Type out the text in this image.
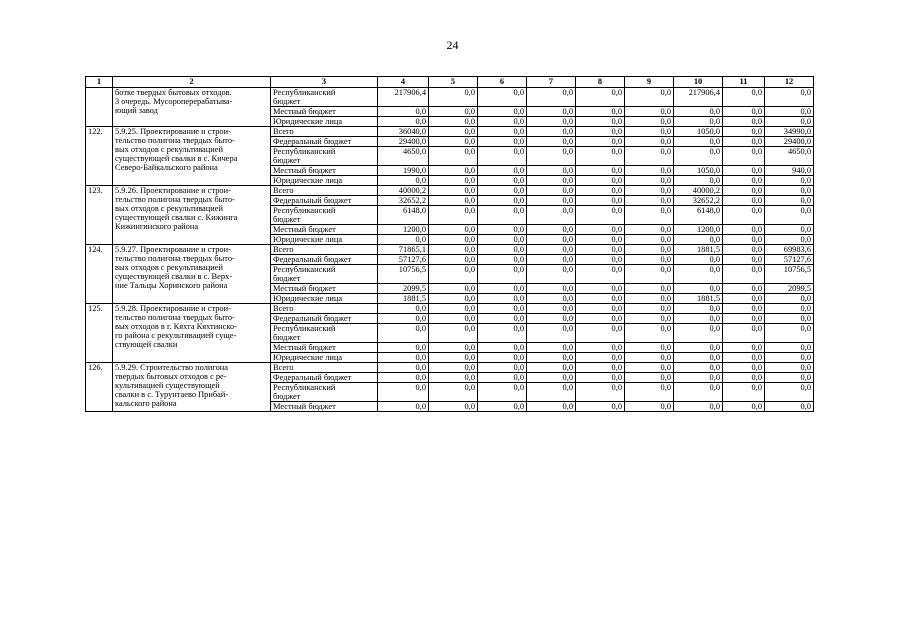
24
1	2	3	4	5	6	7	8	9	10	11	12

	ботке твердых бытовых отходов.
3 очередь. Мусороперерабатыва-
ющий завод	Республиканский
бюджет	217906,4	0,0	0,0	0,0	0,0	0,0	217906,4	0,0	0,0

		Местный бюджет	0,0	0,0	0,0	0,0	0,0	0,0	0,0	0,0	0,0

		Юридические лица	0,0	0,0	0,0	0,0	0,0	0,0	0,0	0,0	0,0
122.	5.9.25. Проектирование и строи-
тельство полигона твердых быто-
вых отходов с рекультивацией
существующей свалки в с. Кичера
Северо-Байкальского района	Всего	36040,0	0,0	0,0	0,0	0,0	0,0	1050,0	0,0	34990,0

		Федеральный бюджет	29400,0	0,0	0,0	0,0	0,0	0,0	0,0	0,0	29400,0

		Республиканский
бюджет	4650,0	0,0	0,0	0,0	0,0	0,0	0,0	0,0	4650,0

		Местный бюджет	1990,0	0,0	0,0	0,0	0,0	0,0	1050,0	0,0	940,0

		Юридические лица	0,0	0,0	0,0	0,0	0,0	0,0	0,0	0,0	0,0
123.	5.9.26. Проектирование и строи-
тельство полигона твердых быто-
вых отходов с рекультивацией
существующей свалки с. Кижинга
Кижингинского района	Всего	40000,2	0,0	0,0	0,0	0,0	0,0	40000,2	0,0	0,0

		Федеральный бюджет	32652,2	0,0	0,0	0,0	0,0	0,0	32652,2	0,0	0,0

		Республиканский
бюджет	6148,0	0,0	0,0	0,0	0,0	0,0	6148,0	0,0	0,0

		Местный бюджет	1200,0	0,0	0,0	0,0	0,0	0,0	1200,0	0,0	0,0

		Юридические лица	0,0	0,0	0,0	0,0	0,0	0,0	0,0	0,0	0,0
124.	5.9.27. Проектирование и строи-
тельство полигона твердых быто-
вых отходов с рекультивацией
существующей свалки в с. Верх-
ние Тальцы Хоринского района	Всего	71865,1	0,0	0,0	0,0	0,0	0,0	1881,5	0,0	69983,6

		Федеральный бюджет	57127,6	0,0	0,0	0,0	0,0	0,0	0,0	0,0	57127,6

		Республиканский
бюджет	10756,5	0,0	0,0	0,0	0,0	0,0	0,0	0,0	10756,5

		Местный бюджет	2099,5	0,0	0,0	0,0	0,0	0,0	0,0	0,0	2099,5

		Юридические лица	1881,5	0,0	0,0	0,0	0,0	0,0	1881,5	0,0	0,0
125.	5.9.28. Проектирование и строи-
тельство полигона твердых быто-
вых отходов в г. Кяхта Кяхтинско-
го района с рекультивацией суще-
ствующей свалки	Всего	0,0	0,0	0,0	0,0	0,0	0,0	0,0	0,0	0,0

		Федеральный бюджет	0,0	0,0	0,0	0,0	0,0	0,0	0,0	0,0	0,0

		Республиканский
бюджет	0,0	0,0	0,0	0,0	0,0	0,0	0,0	0,0	0,0

		Местный бюджет	0,0	0,0	0,0	0,0	0,0	0,0	0,0	0,0	0,0

		Юридические лица	0,0	0,0	0,0	0,0	0,0	0,0	0,0	0,0	0,0
126.	5.9.29. Строительство полигона
твердых бытовых отходов с ре-
культивацией существующей
свалки в с. Турунтаево Прибай-
кальского района	Всего	0,0	0,0	0,0	0,0	0,0	0,0	0,0	0,0	0,0

		Федеральный бюджет	0,0	0,0	0,0	0,0	0,0	0,0	0,0	0,0	0,0

		Республиканский
бюджет	0,0	0,0	0,0	0,0	0,0	0,0	0,0	0,0	0,0

		Местный бюджет	0,0	0,0	0,0	0,0	0,0	0,0	0,0	0,0	0,0
